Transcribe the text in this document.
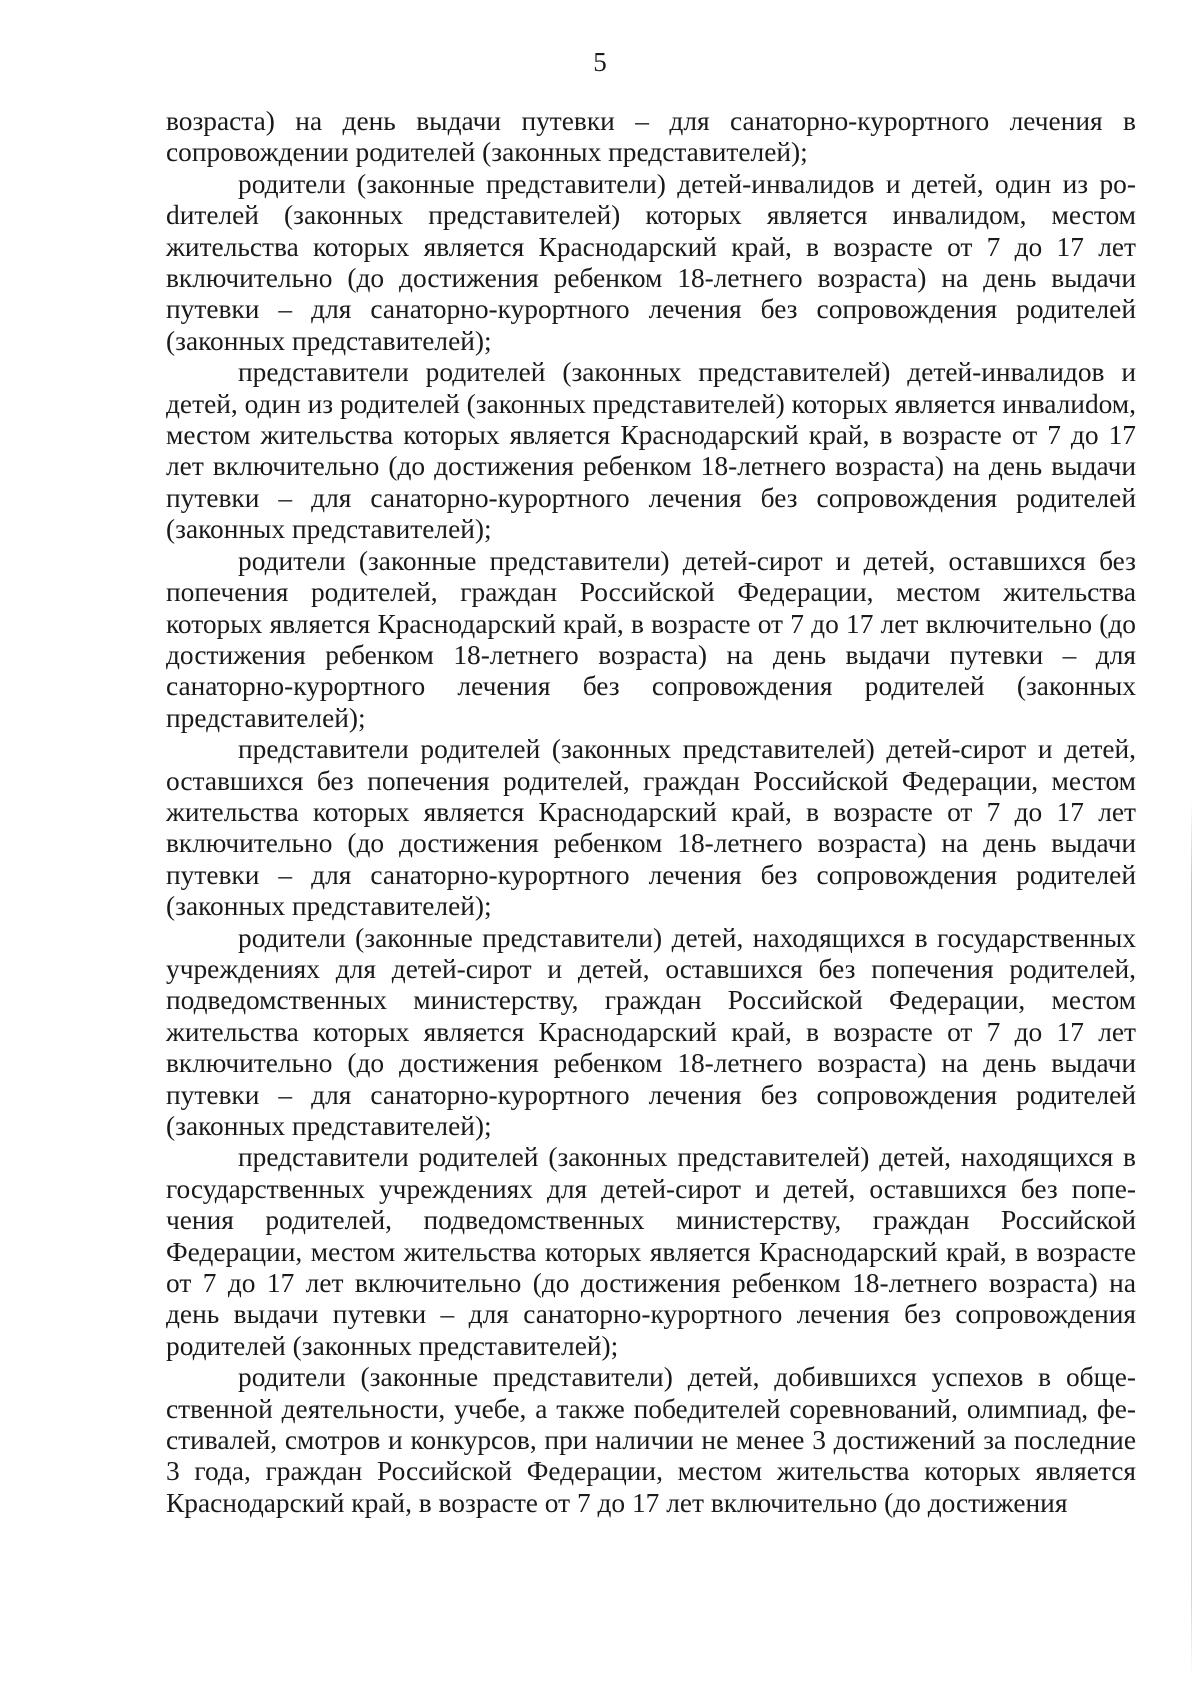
5

возраста) на день выдачи путевки – для санаторно-курортного лечения в сопровождении родителей (законных представителей);

родители (законные представители) детей-инвалидов и детей, один из роdителей (законных представителей) которых является инвалидом, местом жительства которых является Краснодарский край, в возрасте от 7 до 17 лет включительно (до достижения ребенком 18-летнего возраста) на день выдачи путевки – для санаторно-курортного лечения без сопровождения родителей (законных представителей);

представители родителей (законных представителей) детей-инвалидов и детей, один из родителей (законных представителей) которых является инвалиdом, местом жительства которых является Краснодарский край, в возрасте от 7 до 17 лет включительно (до достижения ребенком 18-летнего возраста) на день выдачи путевки – для санаторно-курортного лечения без сопровождения родителей (законных представителей);

родители (законные представители) детей-сирот и детей, оставшихся без попечения родителей, граждан Российской Федерации, местом жительства которых является Краснодарский край, в возрасте от 7 до 17 лет включительно (до достижения ребенком 18-летнего возраста) на день выдачи путевки – для санаторно-курортного лечения без сопровождения родителей (законных представителей);

представители родителей (законных представителей) детей-сирот и детей, оставшихся без попечения родителей, граждан Российской Федерации, местом жительства которых является Краснодарский край, в возрасте от 7 до 17 лет включительно (до достижения ребенком 18-летнего возраста) на день выдачи путевки – для санаторно-курортного лечения без сопровождения родителей (законных представителей);

родители (законные представители) детей, находящихся в государственных учреждениях для детей-сирот и детей, оставшихся без попечения родителей, подведомственных министерству, граждан Российской Федерации, местом жительства которых является Краснодарский край, в возрасте от 7 до 17 лет включительно (до достижения ребенком 18-летнего возраста) на день выдачи путевки – для санаторно-курортного лечения без сопровождения родителей (законных представителей);

представители родителей (законных представителей) детей, находящихся в государственных учреждениях для детей-сирот и детей, оставшихся без попечения родителей, подведомственных министерству, граждан Российской Федерации, местом жительства которых является Краснодарский край, в возрасте от 7 до 17 лет включительно (до достижения ребенком 18-летнего возраста) на день выдачи путевки – для санаторно-курортного лечения без сопровождения родителей (законных представителей);

родители (законные представители) детей, добившихся успехов в общественной деятельности, учебе, а также победителей соревнований, олимпиад, фестивалей, смотров и конкурсов, при наличии не менее 3 достижений за последние 3 года, граждан Российской Федерации, местом жительства которых является Краснодарский край, в возрасте от 7 до 17 лет включительно (до достижения
